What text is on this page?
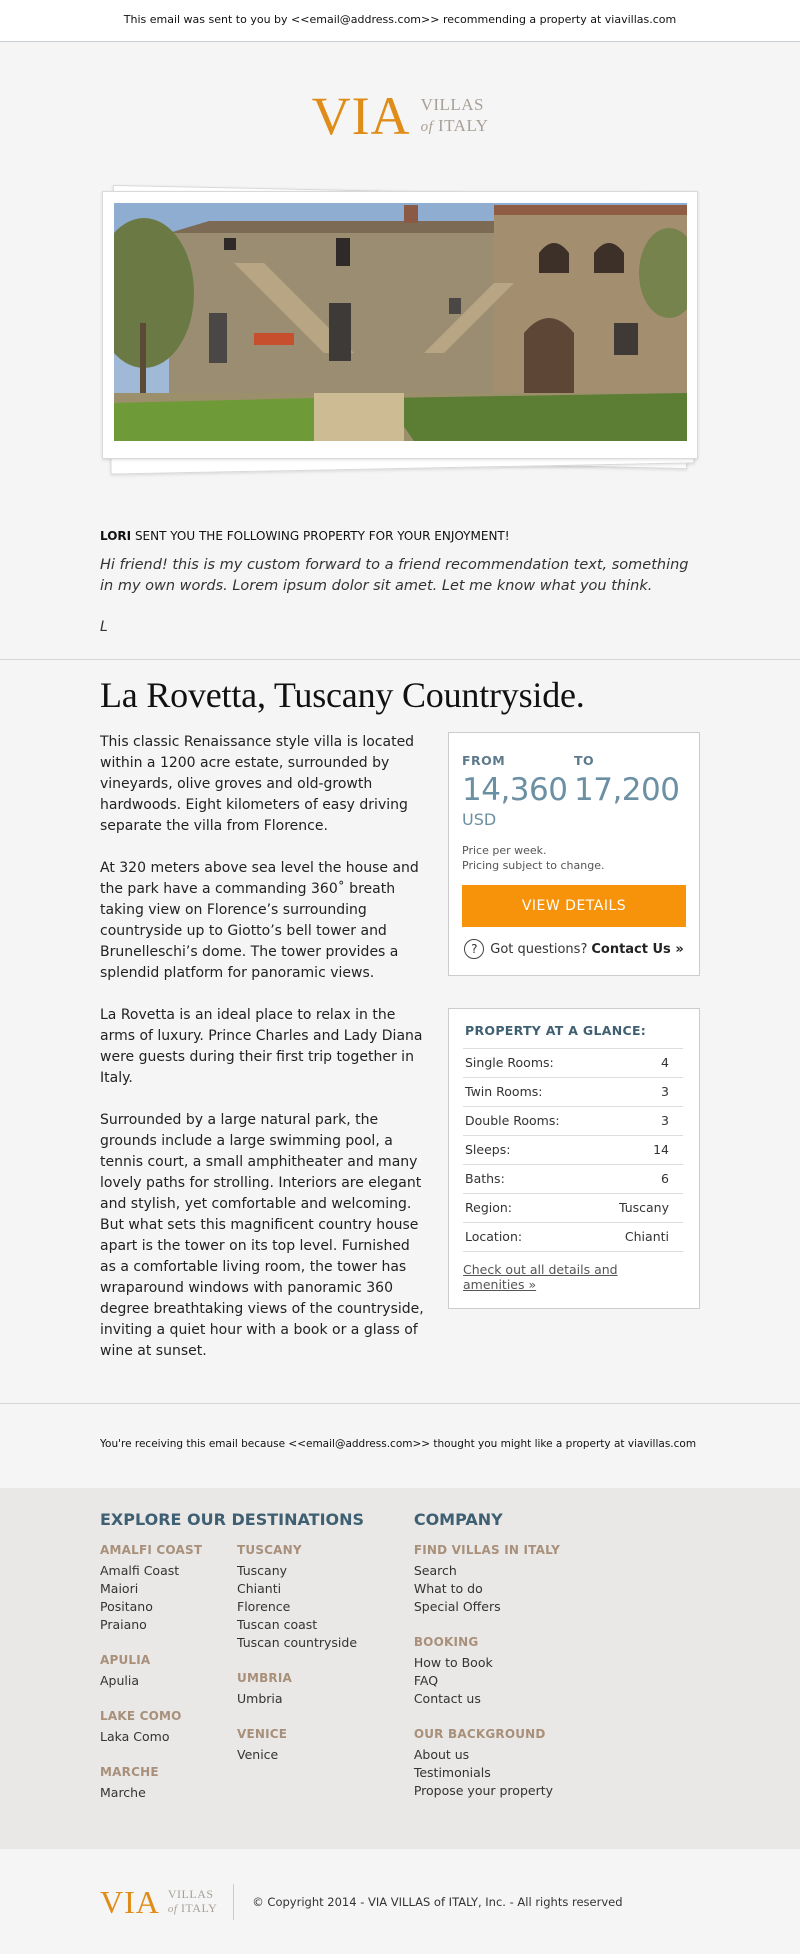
This email was sent to you by <<email@address.com>> recommending a property at viavillas.com
VIA VILLAS
of ITALY
LORI SENT YOU THE FOLLOWING PROPERTY FOR YOUR ENJOYMENT!
Hi friend! this is my custom forward to a friend recommendation text, something in my own words. Lorem ipsum dolor sit amet. Let me know what you think.
L
La Rovetta, Tuscany Countryside.

This classic Renaissance style villa is located within a 1200 acre estate, surrounded by vineyards, olive groves and old-growth hardwoods. Eight kilometers of easy driving separate the villa from Florence.

At 320 meters above sea level the house and the park have a commanding 360˚ breath taking view on Florence’s surrounding countryside up to Giotto’s bell tower and Brunelleschi’s dome. The tower provides a splendid platform for panoramic views.

La Rovetta is an ideal place to relax in the arms of luxury. Prince Charles and Lady Diana were guests during their first trip together in Italy.

Surrounded by a large natural park, the grounds include a large swimming pool, a tennis court, a small amphitheater and many lovely paths for strolling. Interiors are elegant and stylish, yet comfortable and welcoming. But what sets this magnificent country house apart is the tower on its top level. Furnished as a comfortable living room, the tower has wraparound windows with panoramic 360 degree breathtaking views of the countryside, inviting a quiet hour with a book or a glass of wine at sunset.

FROM
14,360
USD
TO
17,200
Price per week.
Pricing subject to change.
VIEW DETAILS
? Got questions? Contact Us »
PROPERTY AT A GLANCE:
Single Rooms:	4
Twin Rooms:	3
Double Rooms:	3
Sleeps:	14
Baths:	6
Region:	Tuscany
Location:	Chianti
Check out all details and amenities »
You're receiving this email because <<email@address.com>> thought you might like a property at viavillas.com
EXPLORE OUR DESTINATIONS
AMALFI COAST
Amalfi Coast
Maiori
Positano
Praiano
APULIA
Apulia
LAKE COMO
Laka Como
MARCHE
Marche
TUSCANY
Tuscany
Chianti
Florence
Tuscan coast
Tuscan countryside
UMBRIA
Umbria
VENICE
Venice
COMPANY
FIND VILLAS IN ITALY
Search
What to do
Special Offers
BOOKING
How to Book
FAQ
Contact us
OUR BACKGROUND
About us
Testimonials
Propose your property
VIA VILLAS
of ITALY	© Copyright 2014 - VIA VILLAS of ITALY, Inc. - All rights reserved
